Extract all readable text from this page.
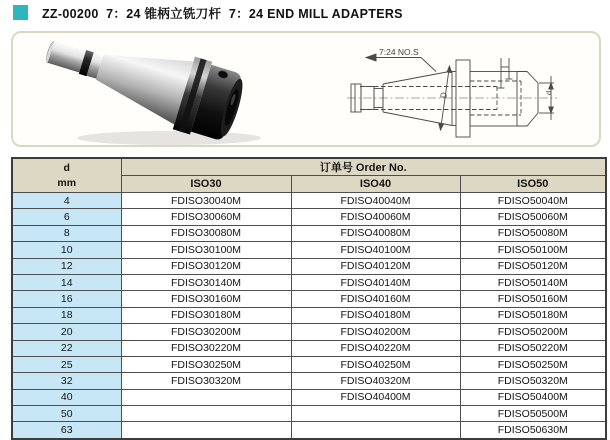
ZZ-00200  7：24 锥柄立铣刀杆  7：24 END MILL ADAPTERS
7:24 NO.S
D	d
d
mm	订单号 Order No.		
	ISO30	ISO40	ISO50
4	FDISO30040M	FDISO40040M	FDISO50040M
6	FDISO30060M	FDISO40060M	FDISO50060M
8	FDISO30080M	FDISO40080M	FDISO50080M
10	FDISO30100M	FDISO40100M	FDISO50100M
12	FDISO30120M	FDISO40120M	FDISO50120M
14	FDISO30140M	FDISO40140M	FDISO50140M
16	FDISO30160M	FDISO40160M	FDISO50160M
18	FDISO30180M	FDISO40180M	FDISO50180M
20	FDISO30200M	FDISO40200M	FDISO50200M
22	FDISO30220M	FDISO40220M	FDISO50220M
25	FDISO30250M	FDISO40250M	FDISO50250M
32	FDISO30320M	FDISO40320M	FDISO50320M
40		FDISO40400M	FDISO50400M
50			FDISO50500M
63			FDISO50630M
